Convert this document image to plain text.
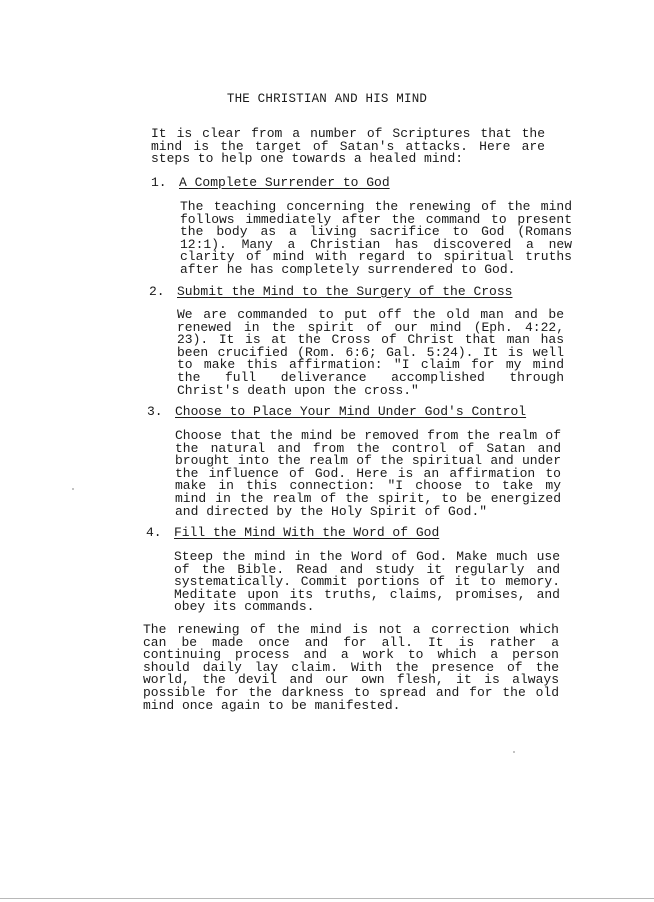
THE CHRISTIAN AND HIS MIND

It is clear from a number of Scriptures that the mind is the target of Satan's attacks. Here are steps to help one towards a healed mind:

1. A Complete Surrender to God

The teaching concerning the renewing of the mind follows immediately after the command to present the body as a living sacrifice to God (Romans 12:1). Many a Christian has discovered a new clarity of mind with regard to spiritual truths after he has completely surrendered to God.

2. Submit the Mind to the Surgery of the Cross

We are commanded to put off the old man and be renewed in the spirit of our mind (Eph. 4:22, 23). It is at the Cross of Christ that man has been crucified (Rom. 6:6; Gal. 5:24). It is well to make this affirmation: "I claim for my mind the full deliverance accomplished through Christ's death upon the cross."

3. Choose to Place Your Mind Under God's Control

Choose that the mind be removed from the realm of the natural and from the control of Satan and brought into the realm of the spiritual and under the influence of God. Here is an affirmation to make in this connection: "I choose to take my mind in the realm of the spirit, to be energized and directed by the Holy Spirit of God."

4. Fill the Mind With the Word of God

Steep the mind in the Word of God. Make much use of the Bible. Read and study it regularly and systematically. Commit portions of it to memory. Meditate upon its truths, claims, promises, and obey its commands.

The renewing of the mind is not a correction which can be made once and for all. It is rather a continuing process and a work to which a person should daily lay claim. With the presence of the world, the devil and our own flesh, it is always possible for the darkness to spread and for the old mind once again to be manifested.
